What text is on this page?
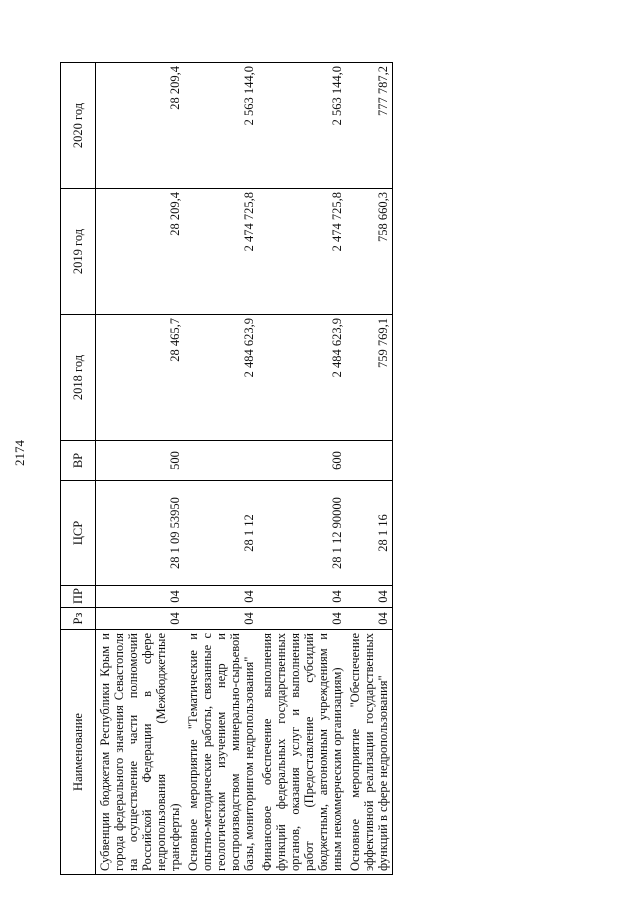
2174
Наименование	Рз	ПР	ЦСР	ВР	2018 год	2019 год	2020 год
Субвенции бюджетам Республики Крым и города федерального значения Севастополя на осуществление части полномочий Российской Федерации в сфере недропользования (Межбюджетные трансферты)	04	04	28 1 09 53950	500	28 465,7	28 209,4	28 209,4
Основное мероприятие "Тематические и опытно-методические работы, связанные с геологическим изучением недр и воспроизводством минерально-сырьевой базы, мониторингом недропользования"	04	04	28 1 12		2 484 623,9	2 474 725,8	2 563 144,0
Финансовое обеспечение выполнения функций федеральных государственных органов, оказания услуг и выполнения работ (Предоставление субсидий бюджетным, автономным учреждениям и иным некоммерческим организациям)	04	04	28 1 12 90000	600	2 484 623,9	2 474 725,8	2 563 144,0
Основное мероприятие "Обеспечение эффективной реализации государственных функций в сфере недропользования"	04	04	28 1 16		759 769,1	758 660,3	777 787,2
